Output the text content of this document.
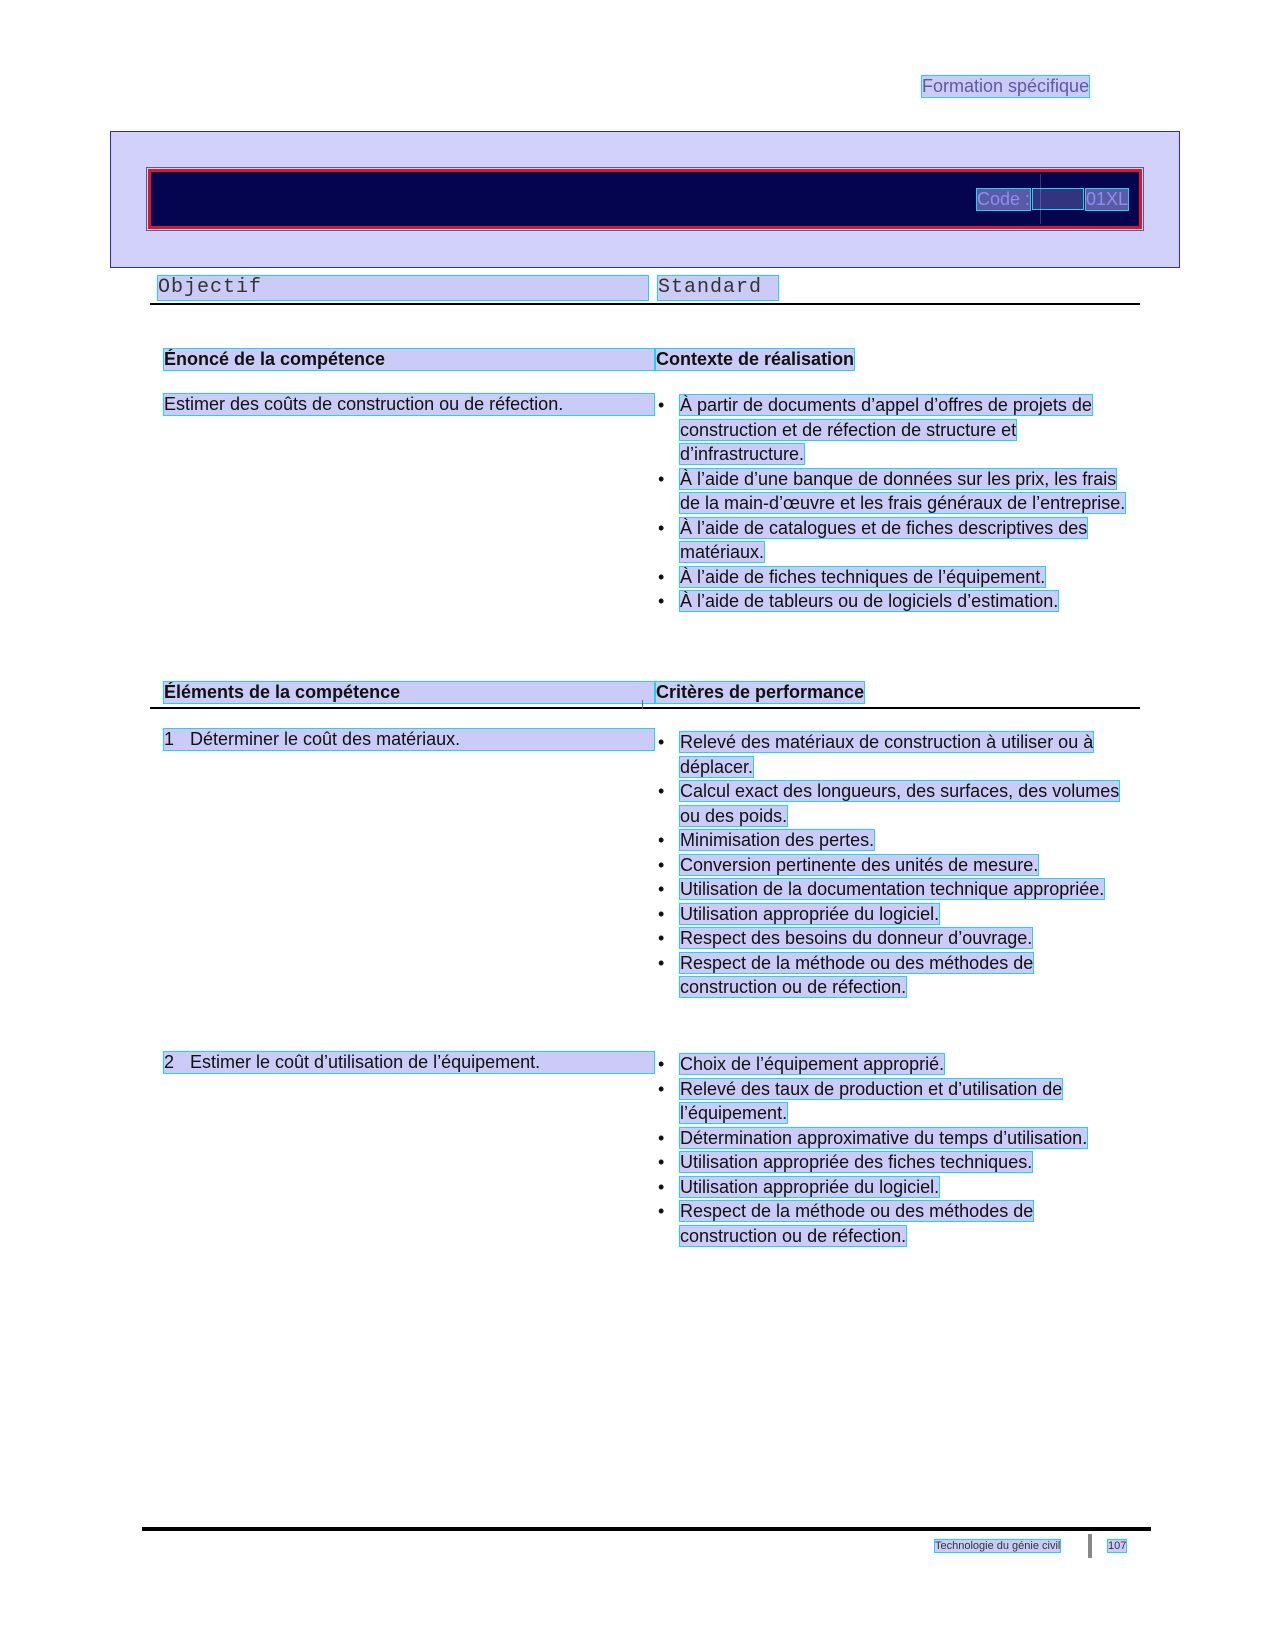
Formation spécifique
Code :	01XL
Objectif	Standard
Énoncé de la compétence	Contexte de réalisation
Estimer des coûts de construction ou de réfection.	• À partir de documents d’appel d’offres de projets de construction et de réfection de structure et d’infrastructure.
• À l’aide d’une banque de données sur les prix, les frais de la main-d’œuvre et les frais généraux de l’entreprise.
• À l’aide de catalogues et de fiches descriptives des matériaux.
• À l’aide de fiches techniques de l’équipement.
• À l’aide de tableurs ou de logiciels d’estimation.
Éléments de la compétence	Critères de performance
1 Déterminer le coût des matériaux.	• Relevé des matériaux de construction à utiliser ou à déplacer.
• Calcul exact des longueurs, des surfaces, des volumes ou des poids.
• Minimisation des pertes.
• Conversion pertinente des unités de mesure.
• Utilisation de la documentation technique appropriée.
• Utilisation appropriée du logiciel.
• Respect des besoins du donneur d’ouvrage.
• Respect de la méthode ou des méthodes de construction ou de réfection.
2 Estimer le coût d’utilisation de l’équipement.	• Choix de l’équipement approprié.
• Relevé des taux de production et d’utilisation de l’équipement.
• Détermination approximative du temps d’utilisation.
• Utilisation appropriée des fiches techniques.
• Utilisation appropriée du logiciel.
• Respect de la méthode ou des méthodes de construction ou de réfection.
Technologie du génie civil	107
